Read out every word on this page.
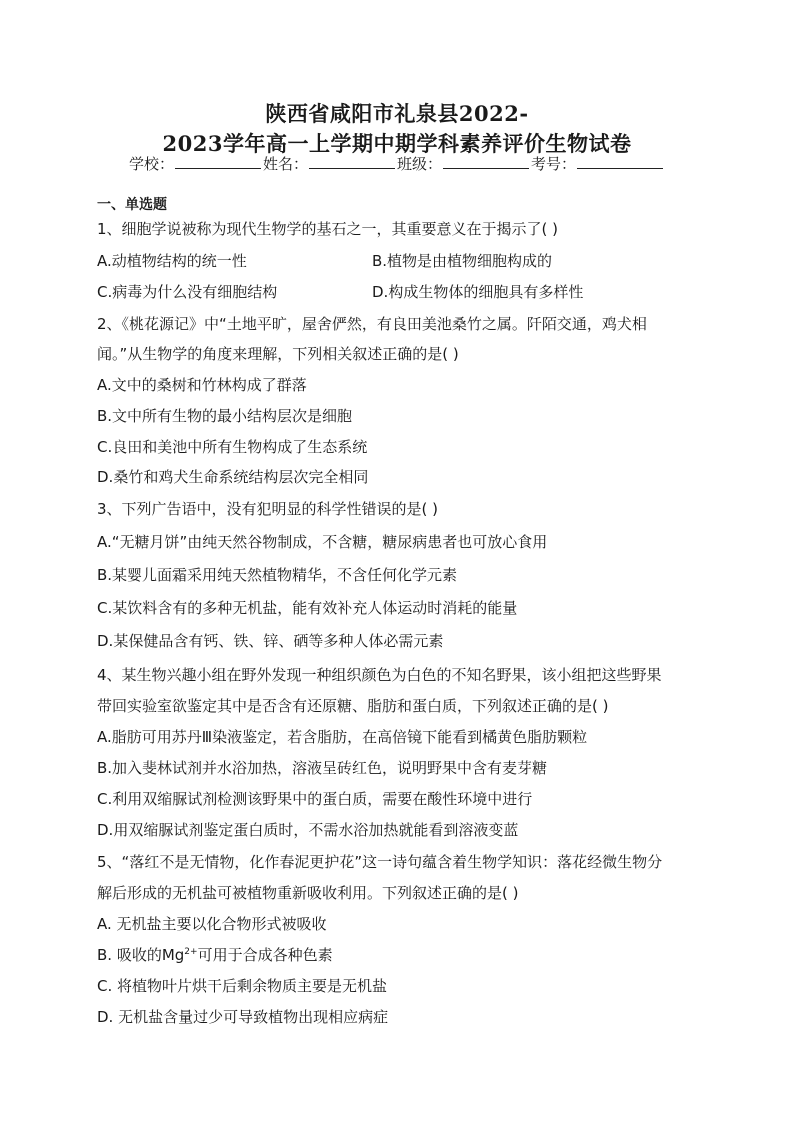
陕西省咸阳市礼泉县2022-
2023学年高一上学期中期学科素养评价生物试卷
学校：	姓名：	班级：	考号：
一、单选题
1、细胞学说被称为现代生物学的基石之一，其重要意义在于揭示了( )
A.动植物结构的统一性	B.植物是由植物细胞构成的
C.病毒为什么没有细胞结构	D.构成生物体的细胞具有多样性
2、《桃花源记》中“土地平旷，屋舍俨然，有良田美池桑竹之属。阡陌交通，鸡犬相
闻。”从生物学的角度来理解，下列相关叙述正确的是( )
A.文中的桑树和竹林构成了群落
B.文中所有生物的最小结构层次是细胞
C.良田和美池中所有生物构成了生态系统
D.桑竹和鸡犬生命系统结构层次完全相同
3、下列广告语中，没有犯明显的科学性错误的是( )
A.“无糖月饼”由纯天然谷物制成，不含糖，糖尿病患者也可放心食用
B.某婴儿面霜采用纯天然植物精华，不含任何化学元素
C.某饮料含有的多种无机盐，能有效补充人体运动时消耗的能量
D.某保健品含有钙、铁、锌、硒等多种人体必需元素
4、某生物兴趣小组在野外发现一种组织颜色为白色的不知名野果，该小组把这些野果
带回实验室欲鉴定其中是否含有还原糖、脂肪和蛋白质，下列叙述正确的是( )
A.脂肪可用苏丹Ⅲ染液鉴定，若含脂肪，在高倍镜下能看到橘黄色脂肪颗粒
B.加入斐林试剂并水浴加热，溶液呈砖红色，说明野果中含有麦芽糖
C.利用双缩脲试剂检测该野果中的蛋白质，需要在酸性环境中进行
D.用双缩脲试剂鉴定蛋白质时，不需水浴加热就能看到溶液变蓝
5、“落红不是无情物，化作春泥更护花”这一诗句蕴含着生物学知识：落花经微生物分
解后形成的无机盐可被植物重新吸收利用。下列叙述正确的是( )
A. 无机盐主要以化合物形式被吸收
B. 吸收的$Mg^{2+}$可用于合成各种色素
C. 将植物叶片烘干后剩余物质主要是无机盐
D. 无机盐含量过少可导致植物出现相应病症
